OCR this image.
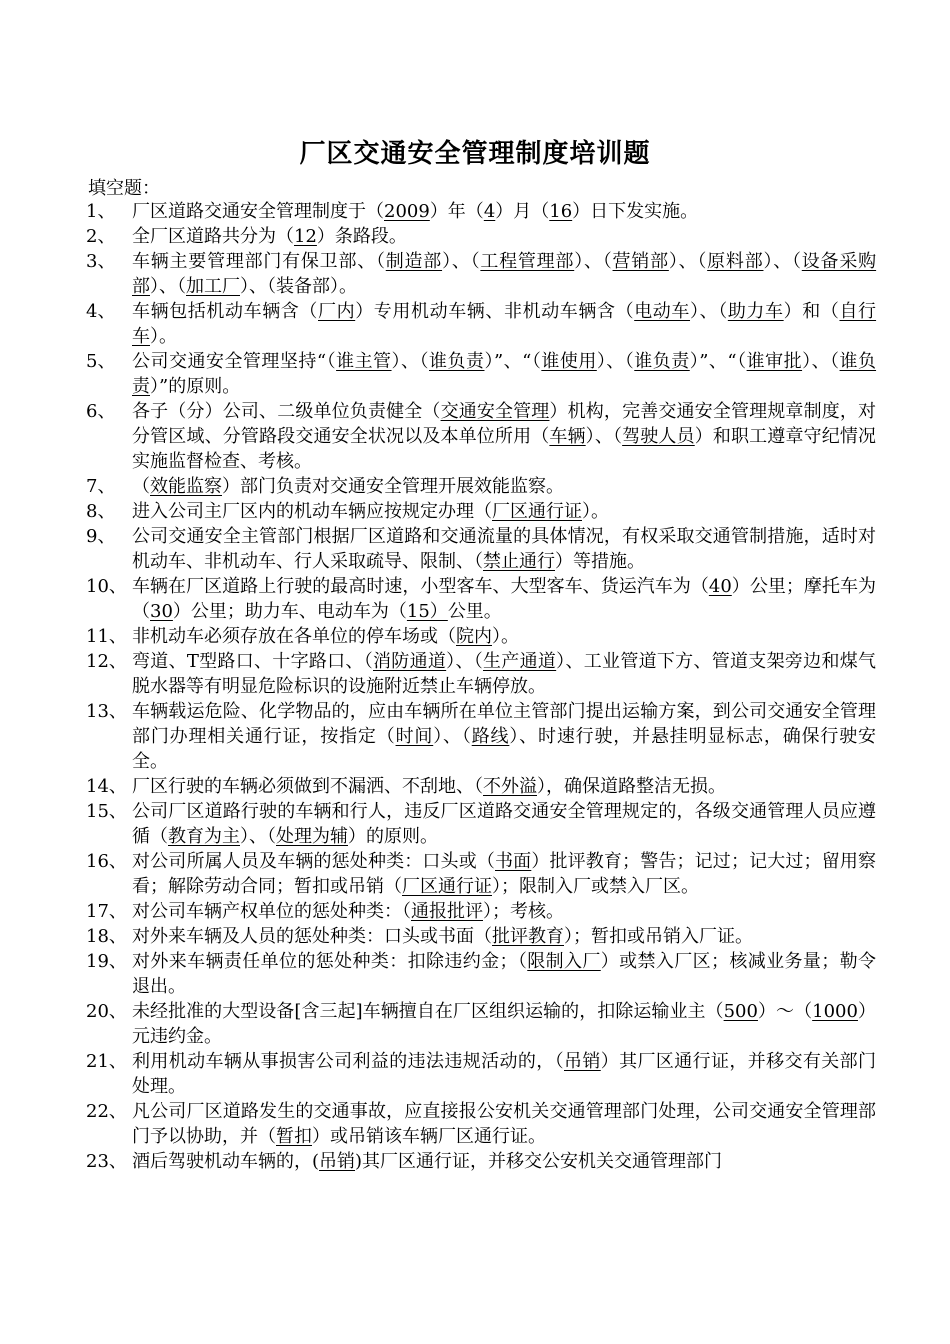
厂区交通安全管理制度培训题
填空题：
1、 厂区道路交通安全管理制度于（2009）年（4）月（16）日下发实施。
2、 全厂区道路共分为（12）条路段。
3、 车辆主要管理部门有保卫部、（制造部）、（工程管理部）、（营销部）、（原料部）、（设备采购部）、（加工厂）、（装备部）。
4、 车辆包括机动车辆含（厂内）专用机动车辆、非机动车辆含（电动车）、（助力车）和（自行车）。
5、 公司交通安全管理坚持“（谁主管）、（谁负责）”、“（谁使用）、（谁负责）”、“（谁审批）、（谁负责）”的原则。
6、 各子（分）公司、二级单位负责健全（交通安全管理）机构，完善交通安全管理规章制度，对分管区域、分管路段交通安全状况以及本单位所用（车辆）、（驾驶人员）和职工遵章守纪情况实施监督检查、考核。
7、 （效能监察）部门负责对交通安全管理开展效能监察。
8、 进入公司主厂区内的机动车辆应按规定办理（厂区通行证）。
9、 公司交通安全主管部门根据厂区道路和交通流量的具体情况，有权采取交通管制措施，适时对机动车、非机动车、行人采取疏导、限制、（禁止通行）等措施。
10、 车辆在厂区道路上行驶的最高时速，小型客车、大型客车、货运汽车为（40）公里；摩托车为（30）公里；助力车、电动车为（15）公里。
11、 非机动车必须存放在各单位的停车场或（院内）。
12、 弯道、T型路口、十字路口、（消防通道）、（生产通道）、工业管道下方、管道支架旁边和煤气脱水器等有明显危险标识的设施附近禁止车辆停放。
13、 车辆载运危险、化学物品的，应由车辆所在单位主管部门提出运输方案，到公司交通安全管理部门办理相关通行证，按指定（时间）、（路线）、时速行驶，并悬挂明显标志，确保行驶安全。
14、 厂区行驶的车辆必须做到不漏洒、不刮地、（不外溢），确保道路整洁无损。
15、 公司厂区道路行驶的车辆和行人，违反厂区道路交通安全管理规定的，各级交通管理人员应遵循（教育为主）、（处理为辅）的原则。
16、 对公司所属人员及车辆的惩处种类：口头或（书面）批评教育；警告；记过；记大过；留用察看；解除劳动合同；暂扣或吊销（厂区通行证）；限制入厂或禁入厂区。
17、 对公司车辆产权单位的惩处种类：（通报批评）；考核。
18、 对外来车辆及人员的惩处种类：口头或书面（批评教育）；暂扣或吊销入厂证。
19、 对外来车辆责任单位的惩处种类：扣除违约金；（限制入厂）或禁入厂区；核减业务量；勒令退出。
20、 未经批准的大型设备[含三起]车辆擅自在厂区组织运输的，扣除运输业主（500）～（1000）元违约金。
21、 利用机动车辆从事损害公司利益的违法违规活动的，（吊销）其厂区通行证，并移交有关部门处理。
22、 凡公司厂区道路发生的交通事故，应直接报公安机关交通管理部门处理，公司交通安全管理部门予以协助，并（暂扣）或吊销该车辆厂区通行证。
23、 酒后驾驶机动车辆的，(吊销)其厂区通行证，并移交公安机关交通管理部门
